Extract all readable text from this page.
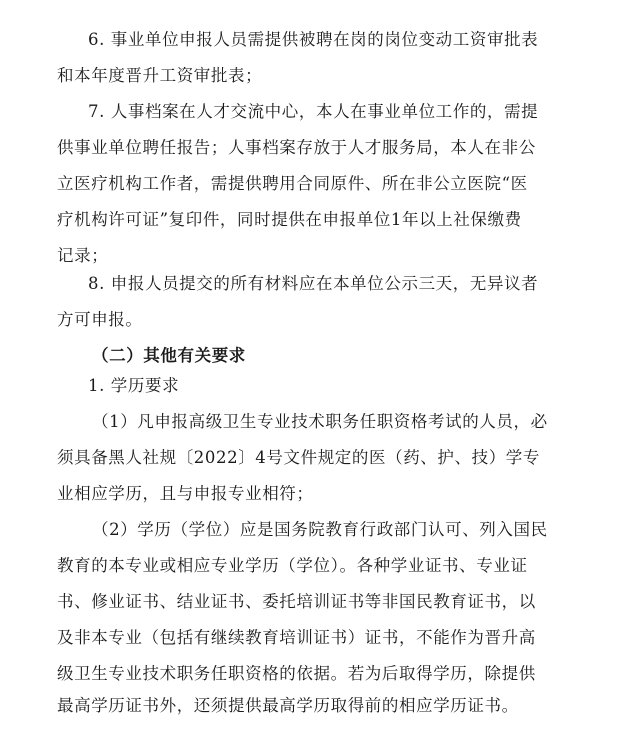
6. 事业单位申报人员需提供被聘在岗的岗位变动工资审批表
和本年度晋升工资审批表；
7. 人事档案在人才交流中心，本人在事业单位工作的，需提
供事业单位聘任报告；人事档案存放于人才服务局，本人在非公
立医疗机构工作者，需提供聘用合同原件、所在非公立医院“医
疗机构许可证”复印件，同时提供在申报单位1年以上社保缴费
记录；
8. 申报人员提交的所有材料应在本单位公示三天，无异议者
方可申报。
（二）其他有关要求
1. 学历要求
（1）凡申报高级卫生专业技术职务任职资格考试的人员，必
须具备黑人社规〔2022〕4号文件规定的医（药、护、技）学专
业相应学历，且与申报专业相符；
（2）学历（学位）应是国务院教育行政部门认可、列入国民
教育的本专业或相应专业学历（学位）。各种学业证书、专业证
书、修业证书、结业证书、委托培训证书等非国民教育证书，以
及非本专业（包括有继续教育培训证书）证书，不能作为晋升高
级卫生专业技术职务任职资格的依据。若为后取得学历，除提供
最高学历证书外，还须提供最高学历取得前的相应学历证书。
